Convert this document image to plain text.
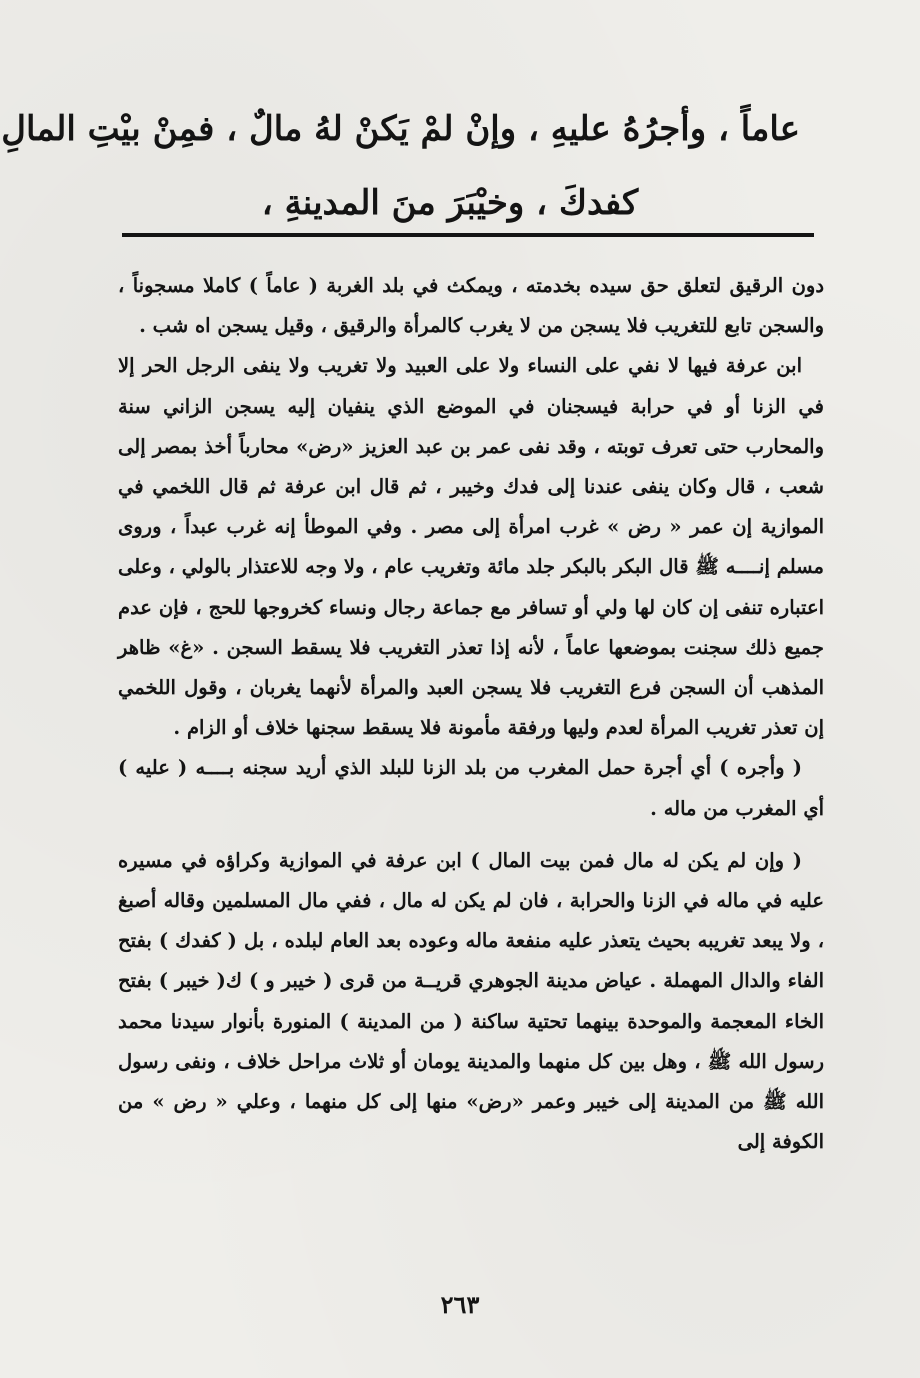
عاماً ، وأجرُهُ عليهِ ، وإنْ لمْ يَكنْ لهُ مالٌ ، فمِنْ بيْتِ المالِ
كفدكَ ، وخيْبَرَ منَ المدينةِ ،

دون الرقيق لتعلق حق سيده بخدمته ، ويمكث في بلد الغربة ( عاماً ) كاملا مسجوناً ، والسجن تابع للتغريب فلا يسجن من لا يغرب كالمرأة والرقيق ، وقيل يسجن اه شب .

ابن عرفة فيها لا نفي على النساء ولا على العبيد ولا تغريب ولا ينفى الرجل الحر إلا في الزنا أو في حرابة فيسجنان في الموضع الذي ينفيان إليه يسجن الزاني سنة والمحارب حتى تعرف توبته ، وقد نفى عمر بن عبد العزيز «رض» محارباً أخذ بمصر إلى شعب ، قال وكان ينفى عندنا إلى فدك وخيبر ، ثم قال ابن عرفة ثم قال اللخمي في الموازية إن عمر « رض » غرب امرأة إلى مصر . وفي الموطأ إنه غرب عبداً ، وروى مسلم إنــــه ﷺ قال البكر بالبكر جلد مائة وتغريب عام ، ولا وجه للاعتذار بالولي ، وعلى اعتباره تنفى إن كان لها ولي أو تسافر مع جماعة رجال ونساء كخروجها للحج ، فإن عدم جميع ذلك سجنت بموضعها عاماً ، لأنه إذا تعذر التغريب فلا يسقط السجن . «غ» ظاهر المذهب أن السجن فرع التغريب فلا يسجن العبد والمرأة لأنهما يغربان ، وقول اللخمي إن تعذر تغريب المرأة لعدم وليها ورفقة مأمونة فلا يسقط سجنها خلاف أو الزام .

( وأجره ) أي أجرة حمل المغرب من بلد الزنا للبلد الذي أريد سجنه بــــه ( عليه ) أي المغرب من ماله .

( وإن لم يكن له مال فمن بيت المال ) ابن عرفة في الموازية وكراؤه في مسيره عليه في ماله في الزنا والحرابة ، فان لم يكن له مال ، ففي مال المسلمين وقاله أصبغ ، ولا يبعد تغريبه بحيث يتعذر عليه منفعة ماله وعوده بعد العام لبلده ، بل ( كفدك ) بفتح الفاء والدال المهملة . عياض مدينة الجوهري قريــة من قرى ( خيبر و ) ك( خيبر ) بفتح الخاء المعجمة والموحدة بينهما تحتية ساكنة ( من المدينة ) المنورة بأنوار سيدنا محمد رسول الله ﷺ ، وهل بين كل منهما والمدينة يومان أو ثلاث مراحل خلاف ، ونفى رسول الله ﷺ من المدينة إلى خيبر وعمر «رض» منها إلى كل منهما ، وعلي « رض » من الكوفة إلى

٢٦٣
